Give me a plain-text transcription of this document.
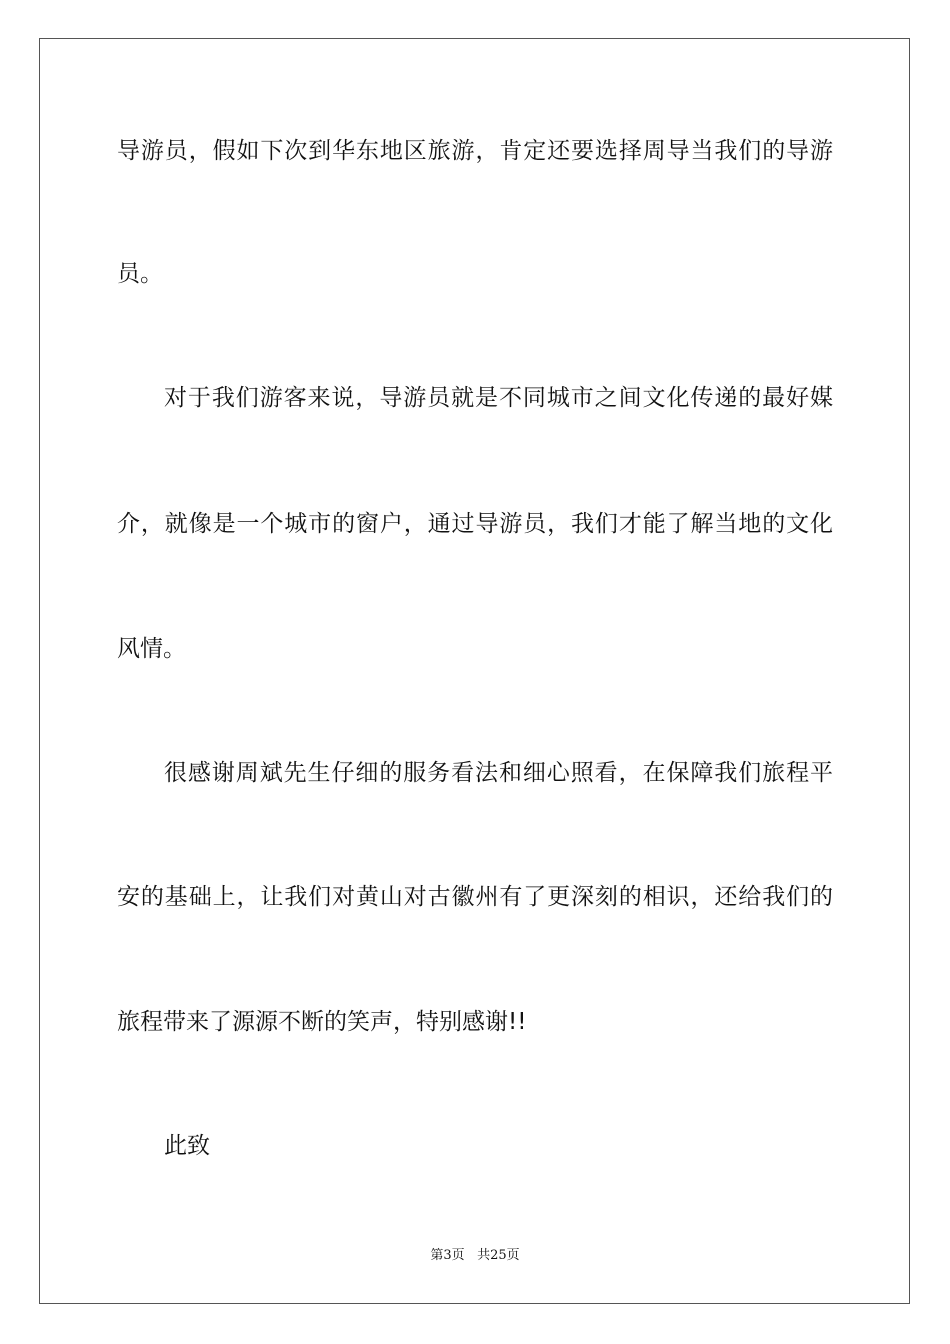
导游员，假如下次到华东地区旅游，肯定还要选择周导当我们的导游
员。
对于我们游客来说，导游员就是不同城市之间文化传递的最好媒
介，就像是一个城市的窗户，通过导游员，我们才能了解当地的文化
风情。
很感谢周斌先生仔细的服务看法和细心照看，在保障我们旅程平
安的基础上，让我们对黄山对古徽州有了更深刻的相识，还给我们的
旅程带来了源源不断的笑声，特别感谢!!
此致
第3页 共25页
